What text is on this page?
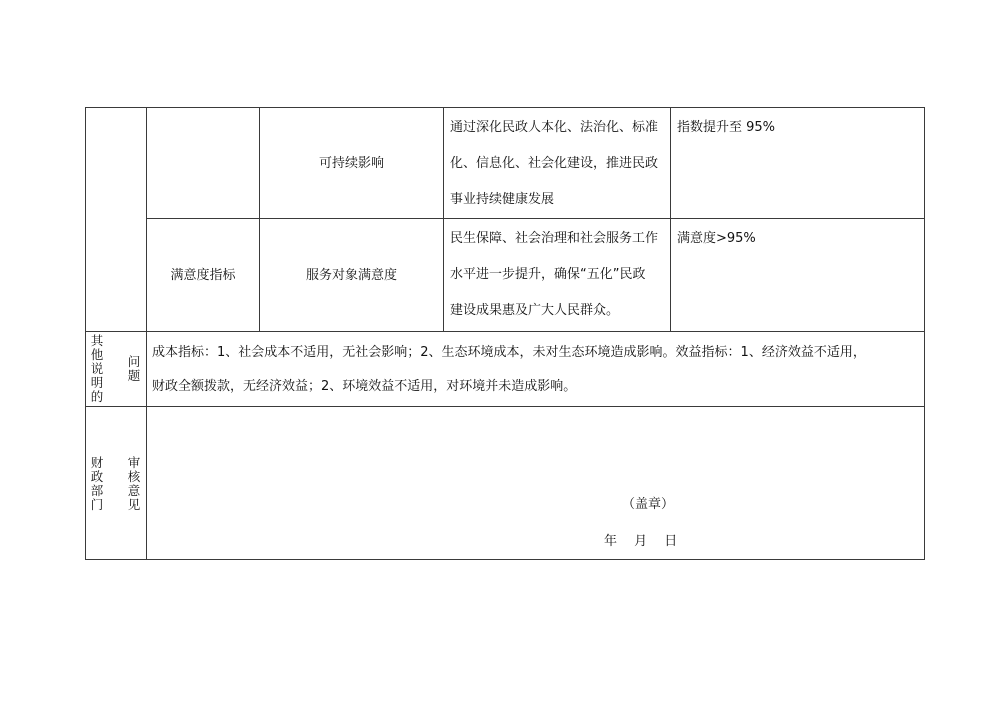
可持续影响
通过深化民政人本化、法治化、标准
化、信息化、社会化建设，推进民政
事业持续健康发展
指数提升至 95%
满意度指标	服务对象满意度
民生保障、社会治理和社会服务工作
水平进一步提升，确保“五化”民政
建设成果惠及广大人民群众。
满意度>95%
其
他
说
明
的
问
题
成本指标：1、社会成本不适用，无社会影响；2、生态环境成本，未对生态环境造成影响。效益指标：1、经济效益不适用，
财政全额拨款，无经济效益；2、环境效益不适用，对环境并未造成影响。
财
政
部
门
审
核
意
见	（盖章）
年　 月　 日
